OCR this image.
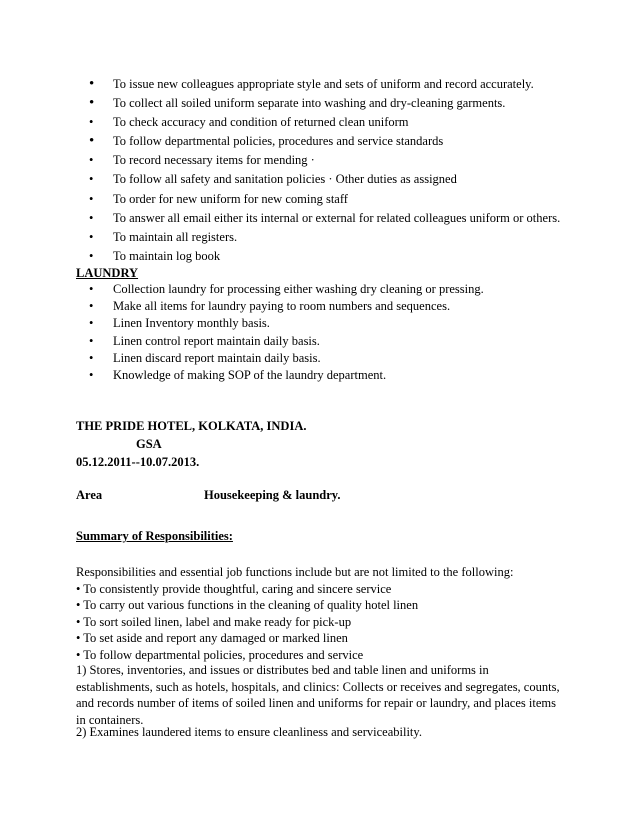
• To issue new colleagues appropriate style and sets of uniform and record accurately.
• To collect all soiled uniform separate into washing and dry-cleaning garments.
• To check accuracy and condition of returned clean uniform
• To follow departmental policies, procedures and service standards
• To record necessary items for mending ·
• To follow all safety and sanitation policies · Other duties as assigned
• To order for new uniform for new coming staff
• To answer all email either its internal or external for related colleagues uniform or others.
• To maintain all registers.
• To maintain log book
LAUNDRY
• Collection laundry for processing either washing dry cleaning or pressing.
• Make all items for laundry paying to room numbers and sequences.
• Linen Inventory monthly basis.
• Linen control report maintain daily basis.
• Linen discard report maintain daily basis.
• Knowledge of making SOP of the laundry department.
THE PRIDE HOTEL, KOLKATA, INDIA.
GSA
05.12.2011--10.07.2013.
Area	Housekeeping & laundry.
Summary of Responsibilities:

Responsibilities and essential job functions include but are not limited to the following:

• To consistently provide thoughtful, caring and sincere service

• To carry out various functions in the cleaning of quality hotel linen

• To sort soiled linen, label and make ready for pick-up

• To set aside and report any damaged or marked linen

• To follow departmental policies, procedures and service

1) Stores, inventories, and issues or distributes bed and table linen and uniforms in

establishments, such as hotels, hospitals, and clinics: Collects or receives and segregates, counts,

and records number of items of soiled linen and uniforms for repair or laundry, and places items

in containers.

2) Examines laundered items to ensure cleanliness and serviceability.
